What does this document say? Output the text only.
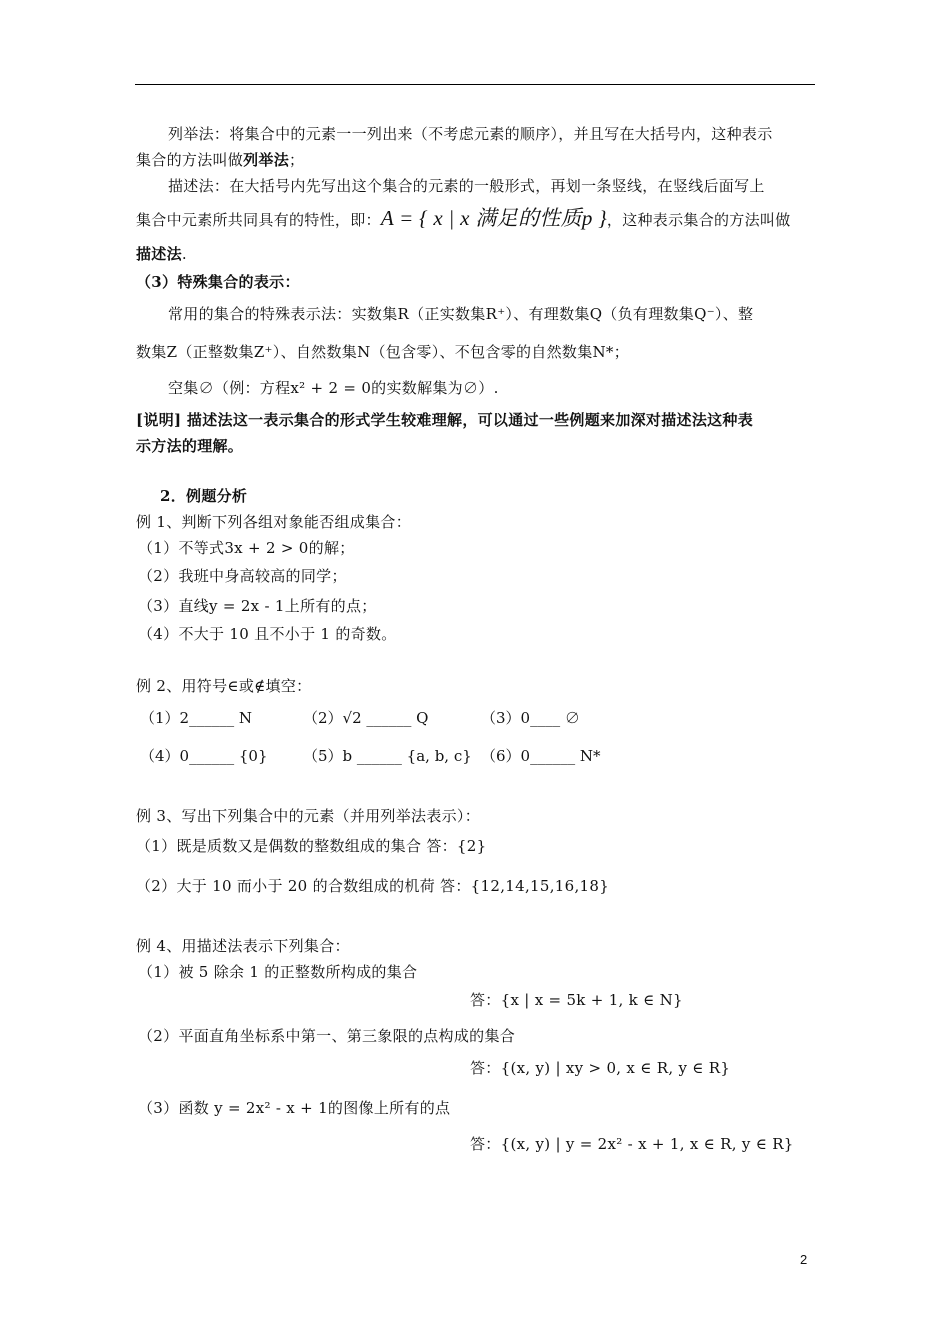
列举法：将集合中的元素一一列出来（不考虑元素的顺序），并且写在大括号内，这种表示
集合的方法叫做列举法；
描述法：在大括号内先写出这个集合的元素的一般形式，再划一条竖线，在竖线后面写上
集合中元素所共同具有的特性，即：A = { x | x 满足的性质p }，这种表示集合的方法叫做
描述法.
（3）特殊集合的表示：
常用的集合的特殊表示法：实数集R（正实数集R⁺）、有理数集Q（负有理数集Q⁻）、整
数集Z（正整数集Z⁺）、自然数集N（包含零）、不包含零的自然数集N*；
空集∅（例：方程x² + 2 = 0的实数解集为∅）.
[说明] 描述法这一表示集合的形式学生较难理解，可以通过一些例题来加深对描述法这种表
示方法的理解。
2．例题分析
例 1、判断下列各组对象能否组成集合：
（1）不等式3x + 2 > 0的解；
（2）我班中身高较高的同学；
（3）直线y = 2x - 1上所有的点；
（4）不大于 10 且不小于 1 的奇数。
例 2、用符号∈或∉填空：
（1）2______ N	（2）√2 ______ Q	（3）0____ ∅
（4）0______ {0} （5）b ______ {a, b, c} （6）0______ N*
例 3、写出下列集合中的元素（并用列举法表示）：
（1）既是质数又是偶数的整数组成的集合 答：{2}
（2）大于 10 而小于 20 的合数组成的机荷 答：{12,14,15,16,18}
例 4、用描述法表示下列集合：
（1）被 5 除余 1 的正整数所构成的集合
答：{x | x = 5k + 1, k ∈ N}
（2）平面直角坐标系中第一、第三象限的点构成的集合
答：{(x, y) | xy > 0, x ∈ R, y ∈ R}
（3）函数 y = 2x² - x + 1的图像上所有的点
答：{(x, y) | y = 2x² - x + 1, x ∈ R, y ∈ R}
2
